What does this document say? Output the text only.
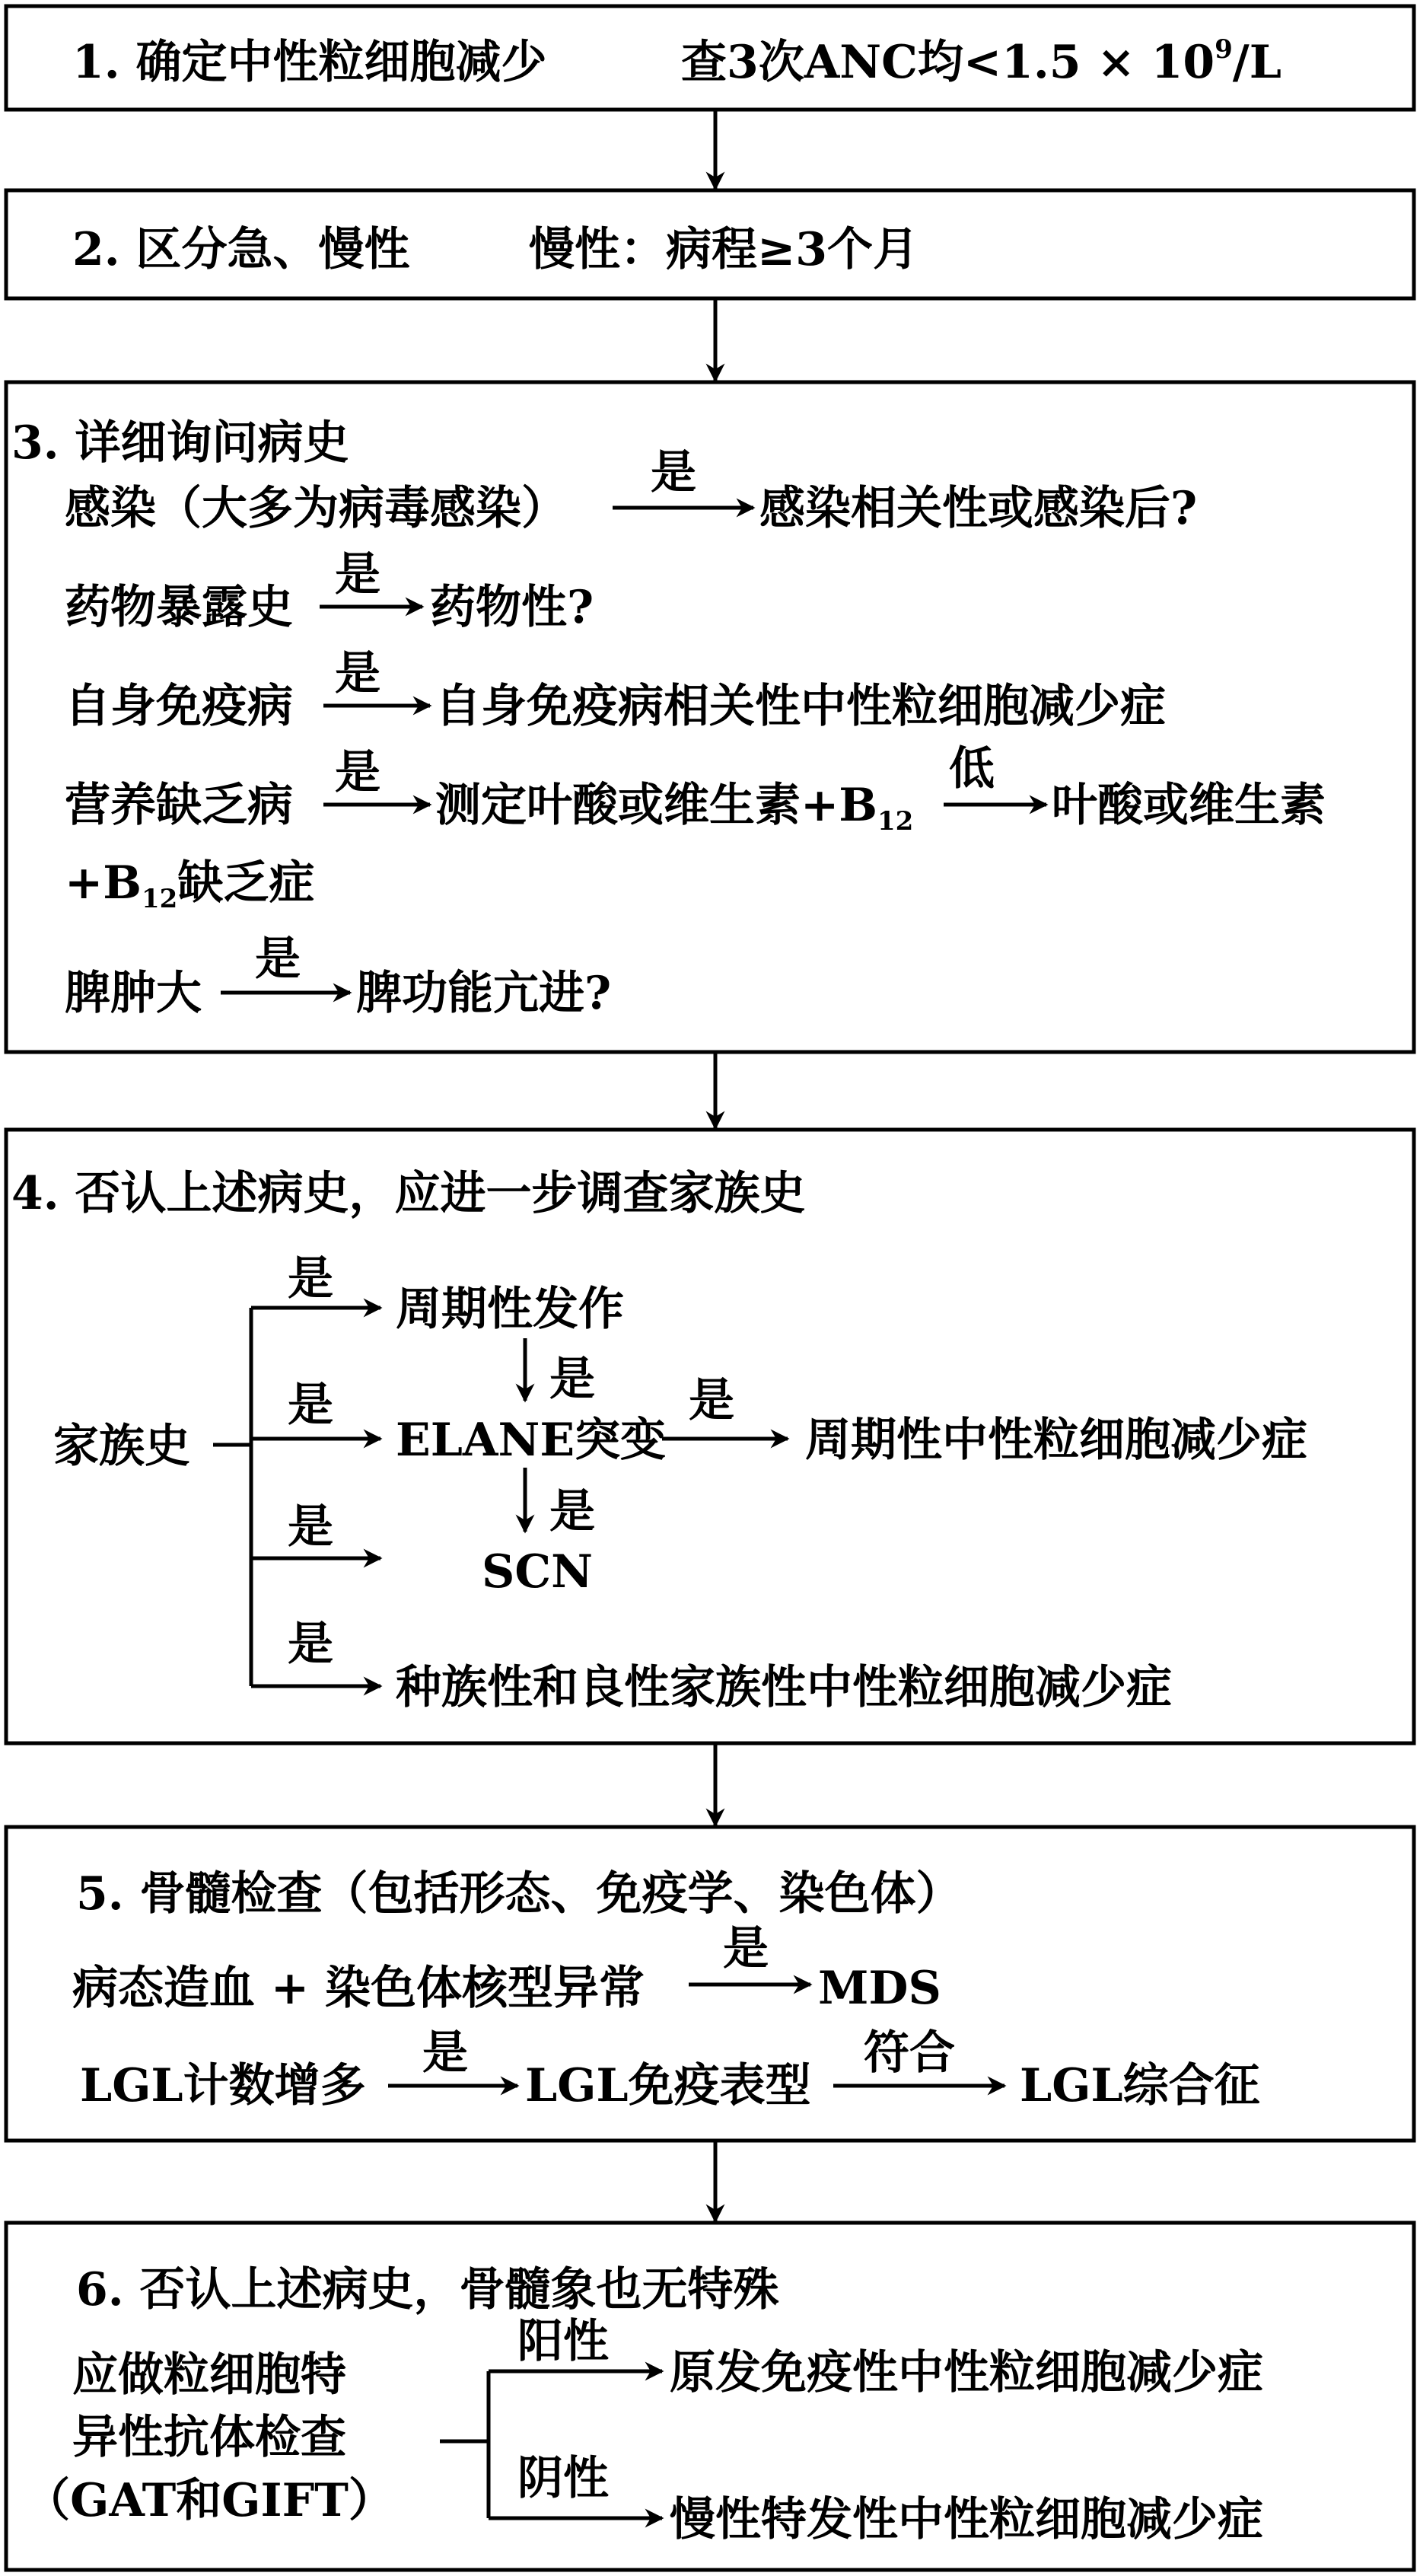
1. 确定中性粒细胞减少	查3次ANC均$<1.5 \times 10^9/L$
2. 区分急、慢性	慢性：病程≥3个月
3. 详细询问病史
感染（大多为病毒感染）
是
感染相关性或感染后?
药物暴露史
是
药物性?
自身免疫病
是
自身免疫病相关性中性粒细胞减少症
营养缺乏病
是
测定叶酸或维生素$+B_{12}$
低
叶酸或维生素
$+B_{12}$缺乏症
脾肿大
是
脾功能亢进?
4. 否认上述病史，应进一步调查家族史
家族史
是
周期性发作
是
ELANE突变
是
SCN
是
种族性和良性家族性中性粒细胞减少症
是
是
是
周期性中性粒细胞减少症
5. 骨髓检查（包括形态、免疫学、染色体）
病态造血 + 染色体核型异常
是
MDS
LGL计数增多
是
LGL免疫表型
符合
LGL综合征
6. 否认上述病史，骨髓象也无特殊
应做粒细胞特
异性抗体检查
（GAT和GIFT）
阳性
原发免疫性中性粒细胞减少症
阴性
慢性特发性中性粒细胞减少症
